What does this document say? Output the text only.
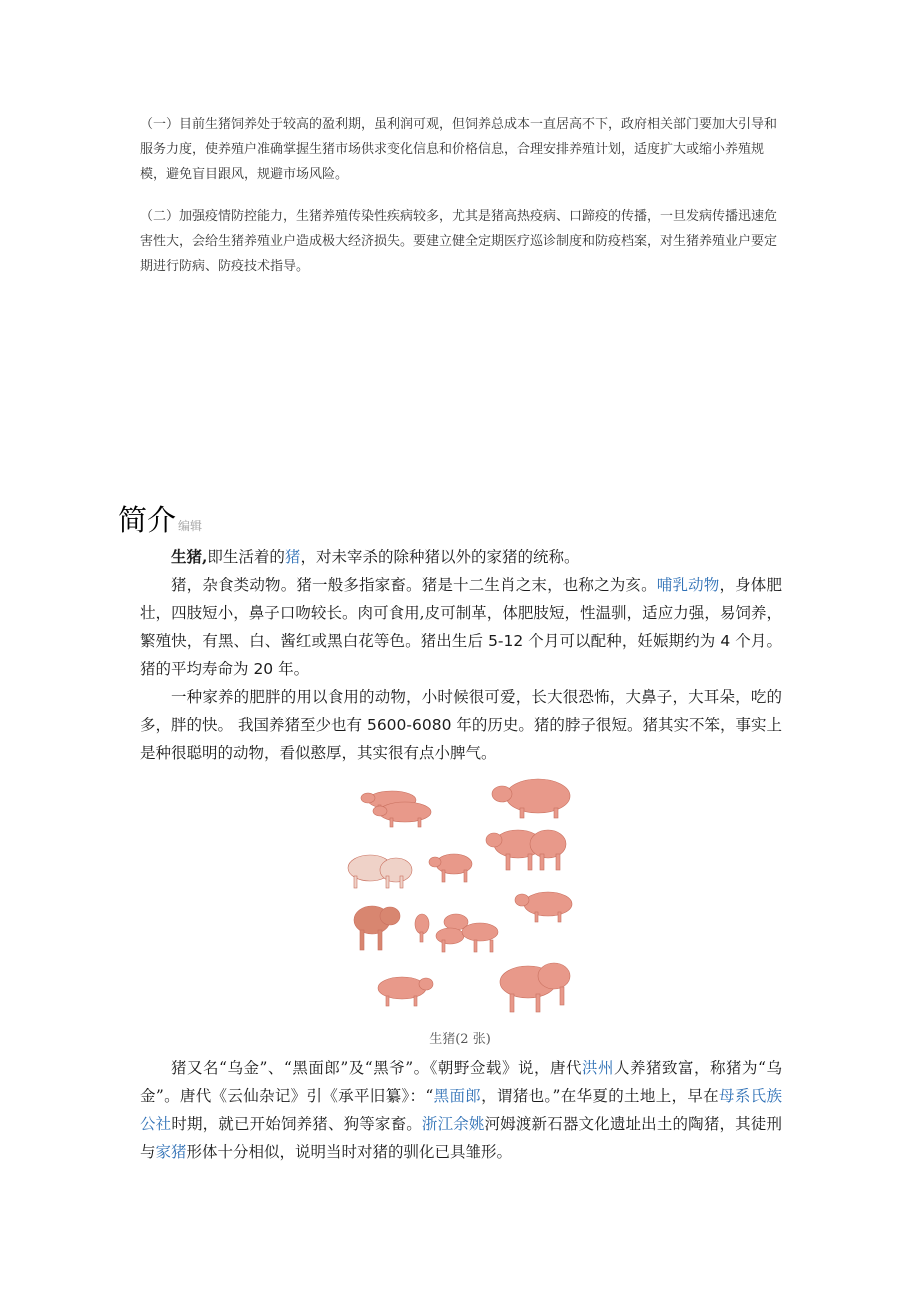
（一）目前生猪饲养处于较高的盈利期，虽利润可观，但饲养总成本一直居高不下，政府相关部门要加大引导和服务力度，使养殖户准确掌握生猪市场供求变化信息和价格信息，合理安排养殖计划，适度扩大或缩小养殖规模，避免盲目跟风，规避市场风险。

（二）加强疫情防控能力，生猪养殖传染性疾病较多，尤其是猪高热疫病、口蹄疫的传播，一旦发病传播迅速危害性大，会给生猪养殖业户造成极大经济损失。要建立健全定期医疗巡诊制度和防疫档案，对生猪养殖业户要定期进行防病、防疫技术指导。

简介 编辑

生猪,即生活着的猪，对未宰杀的除种猪以外的家猪的统称。

猪，杂食类动物。猪一般多指家畜。猪是十二生肖之末，也称之为亥。哺乳动物，身体肥壮，四肢短小，鼻子口吻较长。肉可食用,皮可制革，体肥肢短，性温驯，适应力强，易饲养，繁殖快，有黑、白、酱红或黑白花等色。猪出生后 5-12 个月可以配种，妊娠期约为 4 个月。猪的平均寿命为 20 年。

一种家养的肥胖的用以食用的动物，小时候很可爱，长大很恐怖，大鼻子，大耳朵，吃的多，胖的快。 我国养猪至少也有 5600-6080 年的历史。猪的脖子很短。猪其实不笨，事实上是种很聪明的动物，看似憨厚，其实很有点小脾气。

生猪(2 张)

猪又名“乌金”、“黑面郎”及“黑爷”。《朝野佥载》说，唐代洪州人养猪致富，称猪为“乌金”。唐代《云仙杂记》引《承平旧纂》：“黑面郎，谓猪也。”在华夏的土地上，早在母系氏族公社时期，就已开始饲养猪、狗等家畜。浙江余姚河姆渡新石器文化遗址出土的陶猪，其徒刑与家猪形体十分相似，说明当时对猪的驯化已具雏形。
